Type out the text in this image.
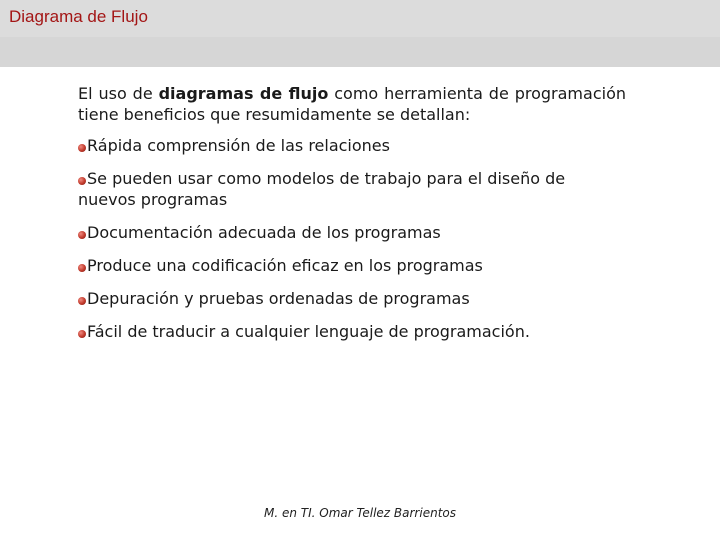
Diagrama de Flujo

El uso de diagramas de flujo como herramienta de programación tiene beneficios que resumidamente se detallan:

Rápida comprensión de las relaciones
Se pueden usar como modelos de trabajo para el diseño de nuevos programas
Documentación adecuada de los programas
Produce una codificación eficaz en los programas
Depuración y pruebas ordenadas de programas
Fácil de traducir a cualquier lenguaje de programación.
M. en TI. Omar Tellez Barrientos
